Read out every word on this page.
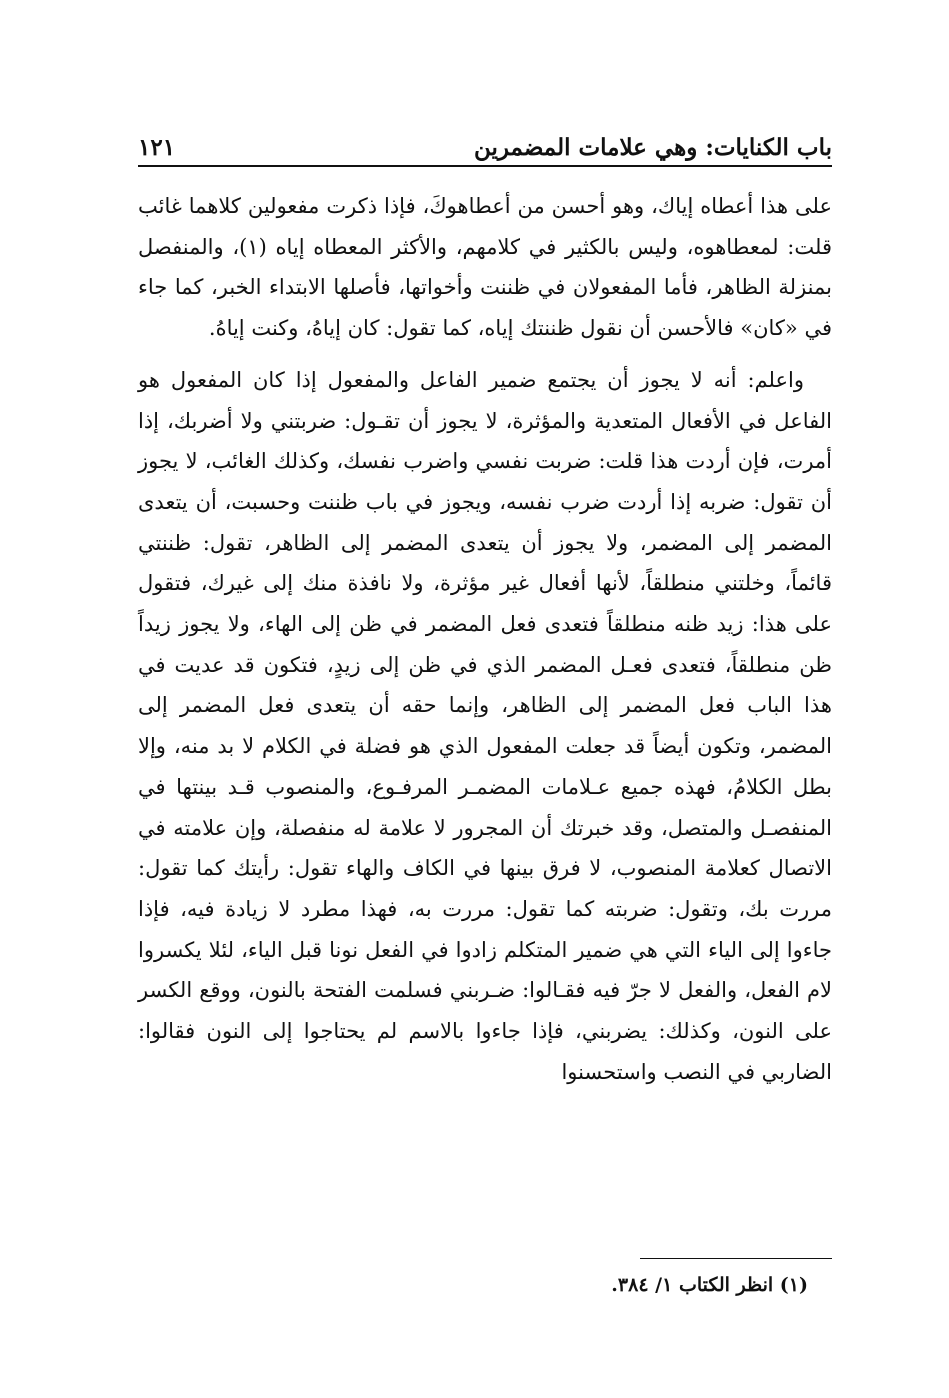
باب الكنايات: وهي علامات المضمرين
١٢١

على هذا أعطاه إياك، وهو أحسن من أعطاهوكَ، فإذا ذكرت مفعولين كلاهما غائب قلت: لمعطاهوه، وليس بالكثير في كلامهم، والأكثر المعطاه إياه (١)، والمنفصل بمنزلة الظاهر، فأما المفعولان في ظننت وأخواتها، فأصلها الابتداء الخبر، كما جاء في «كان» فالأحسن أن نقول ظننتك إياه، كما تقول: كان إياهُ، وكنت إياهُ.

واعلم: أنه لا يجوز أن يجتمع ضمير الفاعل والمفعول إذا كان المفعول هو الفاعل في الأفعال المتعدية والمؤثرة، لا يجوز أن تقـول: ضربتني ولا أضربك، إذا أمرت، فإن أردت هذا قلت: ضربت نفسي واضرب نفسك، وكذلك الغائب، لا يجوز أن تقول: ضربه إذا أردت ضرب نفسه، ويجوز في باب ظننت وحسبت، أن يتعدى المضمر إلى المضمر، ولا يجوز أن يتعدى المضمر إلى الظاهر، تقول: ظننتي قائماً، وخلتني منطلقاً، لأنها أفعال غير مؤثرة، ولا نافذة منك إلى غيرك، فتقول على هذا: زيد ظنه منطلقاً فتعدى فعل المضمر في ظن إلى الهاء، ولا يجوز زيداً ظن منطلقاً، فتعدى فعـل المضمر الذي في ظن إلى زيدٍ، فتكون قد عديت في هذا الباب فعل المضمر إلى الظاهر، وإنما حقه أن يتعدى فعل المضمر إلى المضمر، وتكون أيضاً قد جعلت المفعول الذي هو فضلة في الكلام لا بد منه، وإلا بطل الكلامُ، فهذه جميع عـلامات المضمـر المرفـوع، والمنصوب قـد بينتها في المنفصـل والمتصل، وقد خبرتك أن المجرور لا علامة له منفصلة، وإن علامته في الاتصال كعلامة المنصوب، لا فرق بينها في الكاف والهاء تقول: رأيتك كما تقول: مررت بك، وتقول: ضربته كما تقول: مررت به، فهذا مطرد لا زيادة فيه، فإذا جاءوا إلى الياء التي هي ضمير المتكلم زادوا في الفعل نونا قبل الياء، لئلا يكسروا لام الفعل، والفعل لا جرّ فيه فقـالوا: ضـربني فسلمت الفتحة بالنون، ووقع الكسر على النون، وكذلك: يضربني، فإذا جاءوا بالاسم لم يحتاجوا إلى النون فقالوا: الضاربي في النصب واستحسنوا

(١) انظر الكتاب ١/ ٣٨٤.
